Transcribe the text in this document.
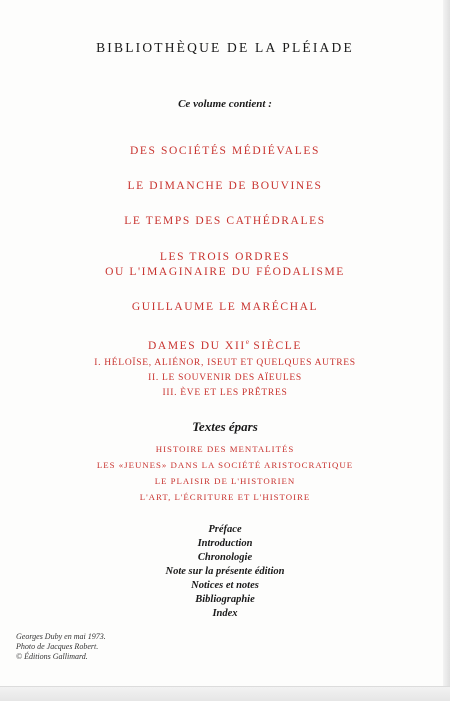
BIBLIOTHÈQUE DE LA PLÉIADE
Ce volume contient :
DES SOCIÉTÉS MÉDIÉVALES
LE DIMANCHE DE BOUVINES
LE TEMPS DES CATHÉDRALES
LES TROIS ORDRES
OU L'IMAGINAIRE DU FÉODALISME
GUILLAUME LE MARÉCHAL
DAMES DU XIIe SIÈCLE
I. HÉLOÏSE, ALIÉNOR, ISEUT ET QUELQUES AUTRES
II. LE SOUVENIR DES AÏEULES
III. ÈVE ET LES PRÊTRES
Textes épars
HISTOIRE DES MENTALITÉS
LES «JEUNES» DANS LA SOCIÉTÉ ARISTOCRATIQUE
LE PLAISIR DE L'HISTORIEN
L'ART, L'ÉCRITURE ET L'HISTOIRE
Préface
Introduction
Chronologie
Note sur la présente édition
Notices et notes
Bibliographie
Index
Georges Duby en mai 1973.
Photo de Jacques Robert.
© Éditions Gallimard.
